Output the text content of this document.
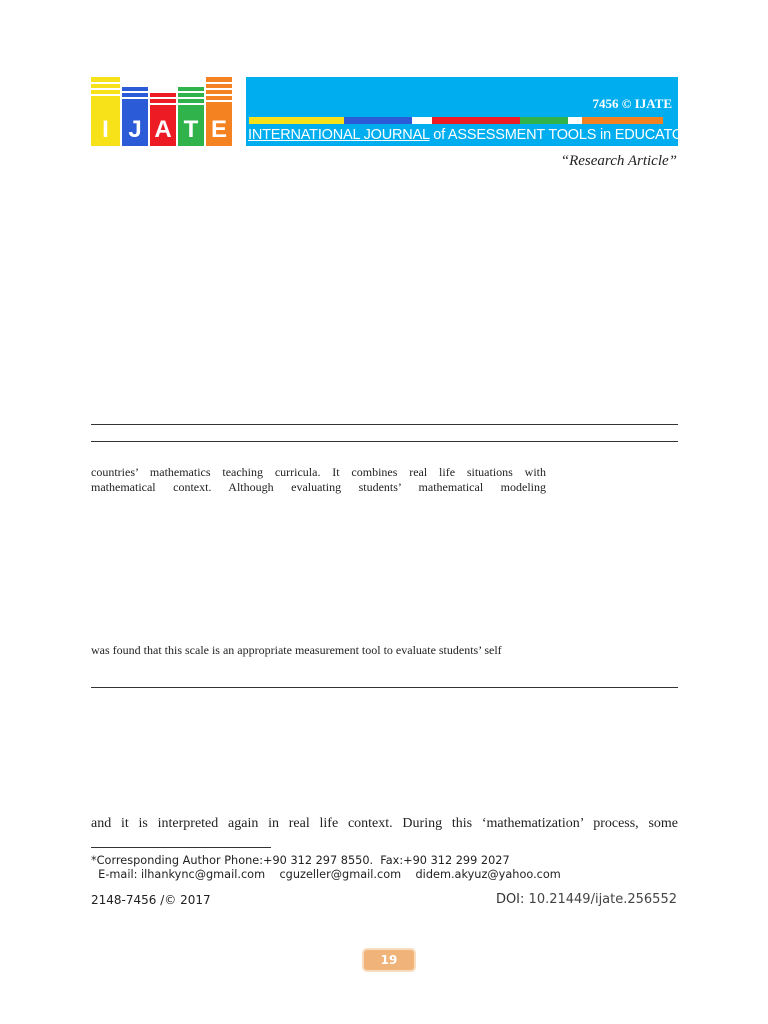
I J A T E
7456 © IJATE
INTERNATIONAL JOURNAL of ASSESSMENT TOOLS in EDUCATON
“Research Article”
countries’ mathematics teaching curricula. It combines real life situations with
mathematical context. Although evaluating students’ mathematical modeling
was found that this scale is an appropriate measurement tool to evaluate students’ self
and it is interpreted again in real life context. During this ‘mathematization’ process, some
*Corresponding Author Phone:+90 312 297 8550.  Fax:+90 312 299 2027
E-mail: ilhankync@gmail.com    cguzeller@gmail.com    didem.akyuz@yahoo.com
2148-7456 /© 2017	DOI: 10.21449/ijate.256552
19
